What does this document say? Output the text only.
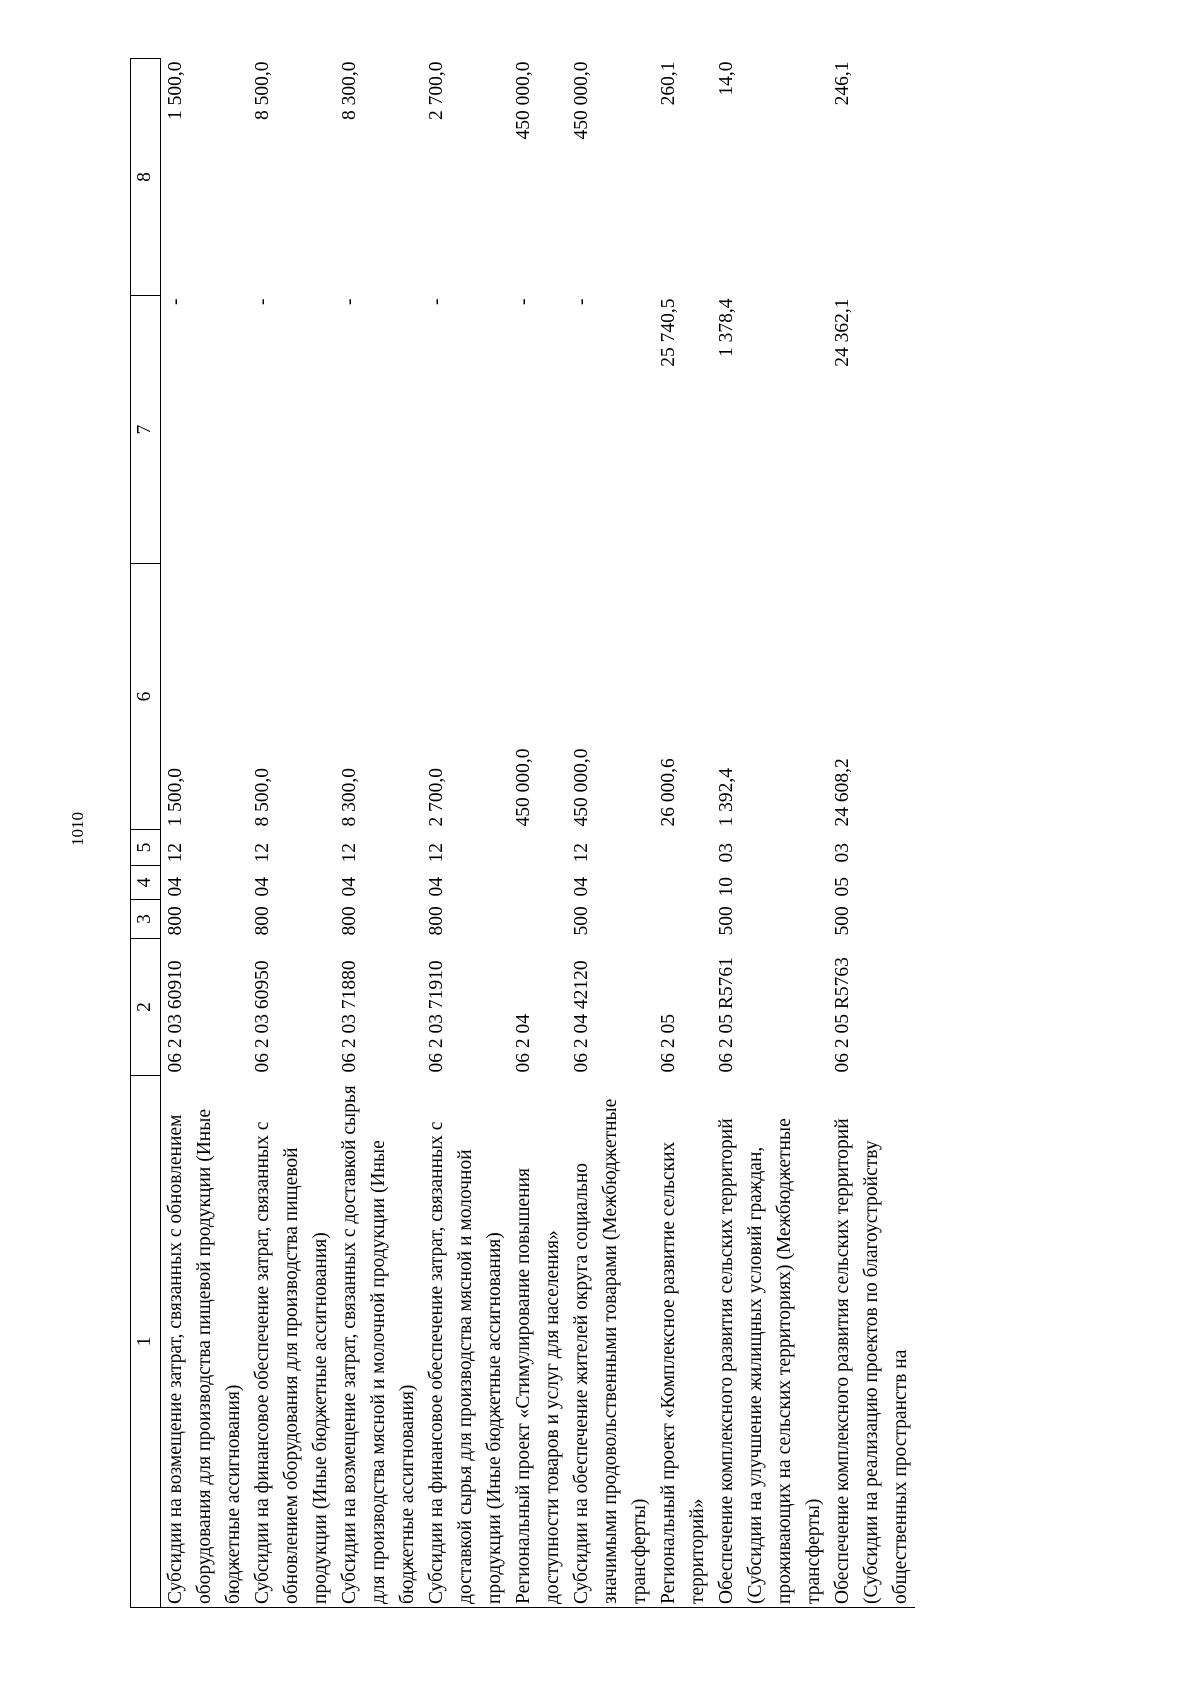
1010
1	2	3	4	5	6	7	8
Субсидии на возмещение затрат, связанных с обновлением оборудования для производства пищевой продукции (Иные бюджетные ассигнования)	06 2 03 60910	800	04	12	1 500,0	-	1 500,0
Субсидии на финансовое обеспечение затрат, связанных с обновлением оборудования для производства пищевой продукции (Иные бюджетные ассигнования)	06 2 03 60950	800	04	12	8 500,0	-	8 500,0
Субсидии на возмещение затрат, связанных с доставкой сырья для производства мясной и молочной продукции (Иные бюджетные ассигнования)	06 2 03 71880	800	04	12	8 300,0	-	8 300,0
Субсидии на финансовое обеспечение затрат, связанных с доставкой сырья для производства мясной и молочной продукции (Иные бюджетные ассигнования)	06 2 03 71910	800	04	12	2 700,0	-	2 700,0
Региональный проект «Стимулирование повышения доступности товаров и услуг для населения»	06 2 04				450 000,0	-	450 000,0
Субсидии на обеспечение жителей округа социально значимыми продовольственными товарами (Межбюджетные трансферты)	06 2 04 42120	500	04	12	450 000,0	-	450 000,0
Региональный проект «Комплексное развитие сельских территорий»	06 2 05				26 000,6	25 740,5	260,1
Обеспечение комплексного развития сельских территорий (Субсидии на улучшение жилищных условий граждан, проживающих на сельских территориях) (Межбюджетные трансферты)	06 2 05 R5761	500	10	03	1 392,4	1 378,4	14,0
Обеспечение комплексного развития сельских территорий (Субсидии на реализацию проектов по благоустройству общественных пространств на	06 2 05 R5763	500	05	03	24 608,2	24 362,1	246,1
